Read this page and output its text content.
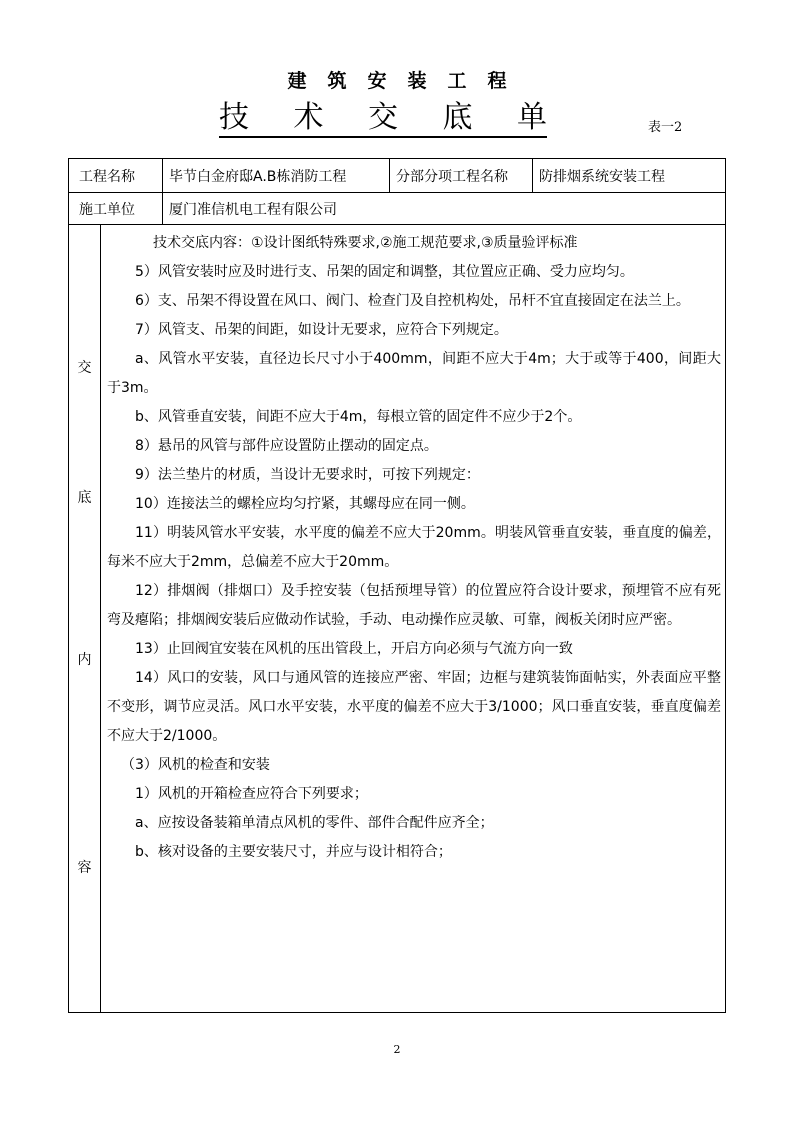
建筑安装工程
技 术 交 底 单	表一2
工程名称	毕节白金府邸A.B栋消防工程	分部分项工程名称	防排烟系统安装工程
施工单位	厦门准信机电工程有限公司
交
底
内
容

技术交底内容：①设计图纸特殊要求,②施工规范要求,③质量验评标准

5）风管安装时应及时进行支、吊架的固定和调整，其位置应正确、受力应均匀。

6）支、吊架不得设置在风口、阀门、检查门及自控机构处，吊杆不宜直接固定在法兰上。

7）风管支、吊架的间距，如设计无要求，应符合下列规定。

a、风管水平安装，直径边长尺寸小于400mm，间距不应大于4m；大于或等于400，间距大于3m。

b、风管垂直安装，间距不应大于4m，每根立管的固定件不应少于2个。

8）悬吊的风管与部件应设置防止摆动的固定点。

9）法兰垫片的材质，当设计无要求时，可按下列规定：

10）连接法兰的螺栓应均匀拧紧，其螺母应在同一侧。

11）明装风管水平安装，水平度的偏差不应大于20mm。明装风管垂直安装，垂直度的偏差，每米不应大于2mm，总偏差不应大于20mm。

12）排烟阀（排烟口）及手控安装（包括预埋导管）的位置应符合设计要求，预埋管不应有死弯及瘪陷；排烟阀安装后应做动作试验，手动、电动操作应灵敏、可靠，阀板关闭时应严密。

13）止回阀宜安装在风机的压出管段上，开启方向必须与气流方向一致

14）风口的安装，风口与通风管的连接应严密、牢固；边框与建筑装饰面帖实，外表面应平整不变形，调节应灵活。风口水平安装，水平度的偏差不应大于3/1000；风口垂直安装，垂直度偏差不应大于2/1000。

（3）风机的检查和安装

1）风机的开箱检查应符合下列要求；

a、应按设备装箱单清点风机的零件、部件合配件应齐全；

b、核对设备的主要安装尺寸，并应与设计相符合；

2
